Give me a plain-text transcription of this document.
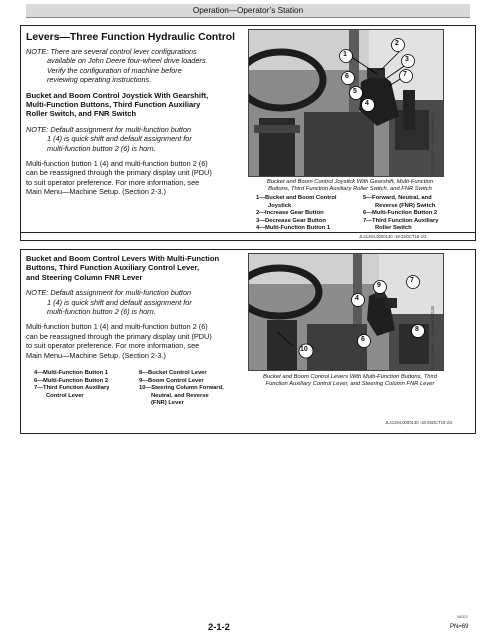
Operation—Operator’s Station
Levers—Three Function Hydraulic Control
NOTE: There are several control lever configurations
available on John Deere four-wheel drive loaders.
Verify the configuration of machine before
reviewing operating instructions.
Bucket and Boom Control Joystick With Gearshift,
Multi-Function Buttons, Third Function Auxiliary
Roller Switch, and FNR Switch
NOTE: Default assignment for multi-function button
1 (4) is quick shift and default assignment for
multi-function button 2 (6) is horn.
Multi-function button 1 (4) and multi-function button 2 (6)
can be reassigned through the primary display unit (PDU)
to suit operator preference. For more information, see
Main Menu—Machine Setup. (Section 2-3.)
TX1262186A —UN—99AUG18
1
2
3
4
5
6	7
Bucket and Boom Control Joystick With Gearshift, Multi-Function
Buttons, Third Function Auxiliary Roller Switch, and FNR Switch
1—Bucket and Boom Control
Joystick
2—Increase Gear Button
3—Decrease Gear Button
4—Multi-Function Button 1
5—Forward, Neutral, and
Reverse (FNR) Switch
6—Multi-Function Button 2
7—Third Function Auxiliary
Roller Switch
JL41294,0000130 -19-25OCT18-1/2
Bucket and Boom Control Levers With Multi-Function
Buttons, Third Function Auxiliary Control Lever,
and Steering Column FNR Lever
NOTE: Default assignment for multi-function button
1 (4) is quick shift and default assignment for
multi-function button 2 (6) is horn.
Multi-function button 1 (4) and multi-function button 2 (6)
can be reassigned through the primary display unit (PDU)
to suit operator preference. For more information, see
Main Menu—Machine Setup. (Section 2-3.)
4—Multi-Function Button 1
6—Multi-Function Button 2
7—Third Function Auxiliary
Control Lever
8—Bucket Control Lever
9—Boom Control Lever
10—Steering Column Forward,
Neutral, and Reverse
(FNR) Lever
TX1262185A —UN—99AUG18
4
6
7
8
9
10
Bucket and Boom Control Levers With Multi-Function Buttons, Third
Function Auxiliary Control Lever, and Steering Column FNR Lever
JL41294,0000130 -19-25OCT18-2/2
060323
2-1-2	PN=69
